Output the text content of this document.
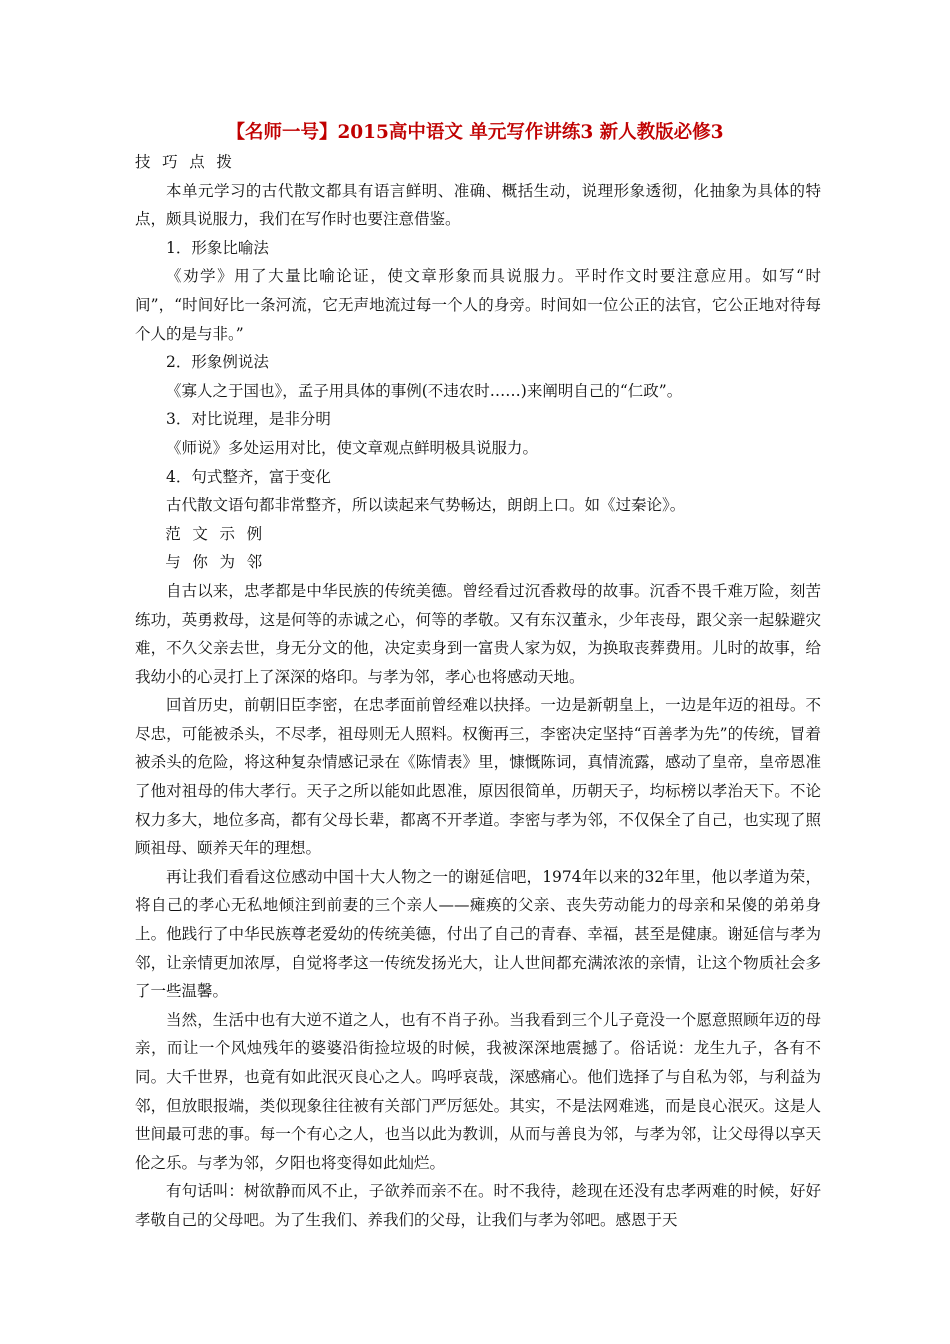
【名师一号】2015高中语文 单元写作讲练3 新人教版必修3

技巧点拨

本单元学习的古代散文都具有语言鲜明、准确、概括生动，说理形象透彻，化抽象为具体的特点，颇具说服力，我们在写作时也要注意借鉴。

1．形象比喻法

《劝学》用了大量比喻论证，使文章形象而具说服力。平时作文时要注意应用。如写“时间”，“时间好比一条河流，它无声地流过每一个人的身旁。时间如一位公正的法官，它公正地对待每个人的是与非。”

2．形象例说法

《寡人之于国也》，孟子用具体的事例(不违农时……)来阐明自己的“仁政”。

3．对比说理，是非分明

《师说》多处运用对比，使文章观点鲜明极具说服力。

4．句式整齐，富于变化

古代散文语句都非常整齐，所以读起来气势畅达，朗朗上口。如《过秦论》。

范文示例

与你为邻

自古以来，忠孝都是中华民族的传统美德。曾经看过沉香救母的故事。沉香不畏千难万险，刻苦练功，英勇救母，这是何等的赤诚之心，何等的孝敬。又有东汉董永，少年丧母，跟父亲一起躲避灾难，不久父亲去世，身无分文的他，决定卖身到一富贵人家为奴，为换取丧葬费用。儿时的故事，给我幼小的心灵打上了深深的烙印。与孝为邻，孝心也将感动天地。

回首历史，前朝旧臣李密，在忠孝面前曾经难以抉择。一边是新朝皇上，一边是年迈的祖母。不尽忠，可能被杀头，不尽孝，祖母则无人照料。权衡再三，李密决定坚持“百善孝为先”的传统，冒着被杀头的危险，将这种复杂情感记录在《陈情表》里，慷慨陈词，真情流露，感动了皇帝，皇帝恩准了他对祖母的伟大孝行。天子之所以能如此恩准，原因很简单，历朝天子，均标榜以孝治天下。不论权力多大，地位多高，都有父母长辈，都离不开孝道。李密与孝为邻，不仅保全了自己，也实现了照顾祖母、颐养天年的理想。

再让我们看看这位感动中国十大人物之一的谢延信吧，1974年以来的32年里，他以孝道为荣，将自己的孝心无私地倾注到前妻的三个亲人——瘫痪的父亲、丧失劳动能力的母亲和呆傻的弟弟身上。他践行了中华民族尊老爱幼的传统美德，付出了自己的青春、幸福，甚至是健康。谢延信与孝为邻，让亲情更加浓厚，自觉将孝这一传统发扬光大，让人世间都充满浓浓的亲情，让这个物质社会多了一些温馨。

当然，生活中也有大逆不道之人，也有不肖子孙。当我看到三个儿子竟没一个愿意照顾年迈的母亲，而让一个风烛残年的婆婆沿街捡垃圾的时候，我被深深地震撼了。俗话说：龙生九子，各有不同。大千世界，也竟有如此泯灭良心之人。呜呼哀哉，深感痛心。他们选择了与自私为邻，与利益为邻，但放眼报端，类似现象往往被有关部门严厉惩处。其实，不是法网难逃，而是良心泯灭。这是人世间最可悲的事。每一个有心之人，也当以此为教训，从而与善良为邻，与孝为邻，让父母得以享天伦之乐。与孝为邻，夕阳也将变得如此灿烂。

有句话叫：树欲静而风不止，子欲养而亲不在。时不我待，趁现在还没有忠孝两难的时候，好好孝敬自己的父母吧。为了生我们、养我们的父母，让我们与孝为邻吧。感恩于天
